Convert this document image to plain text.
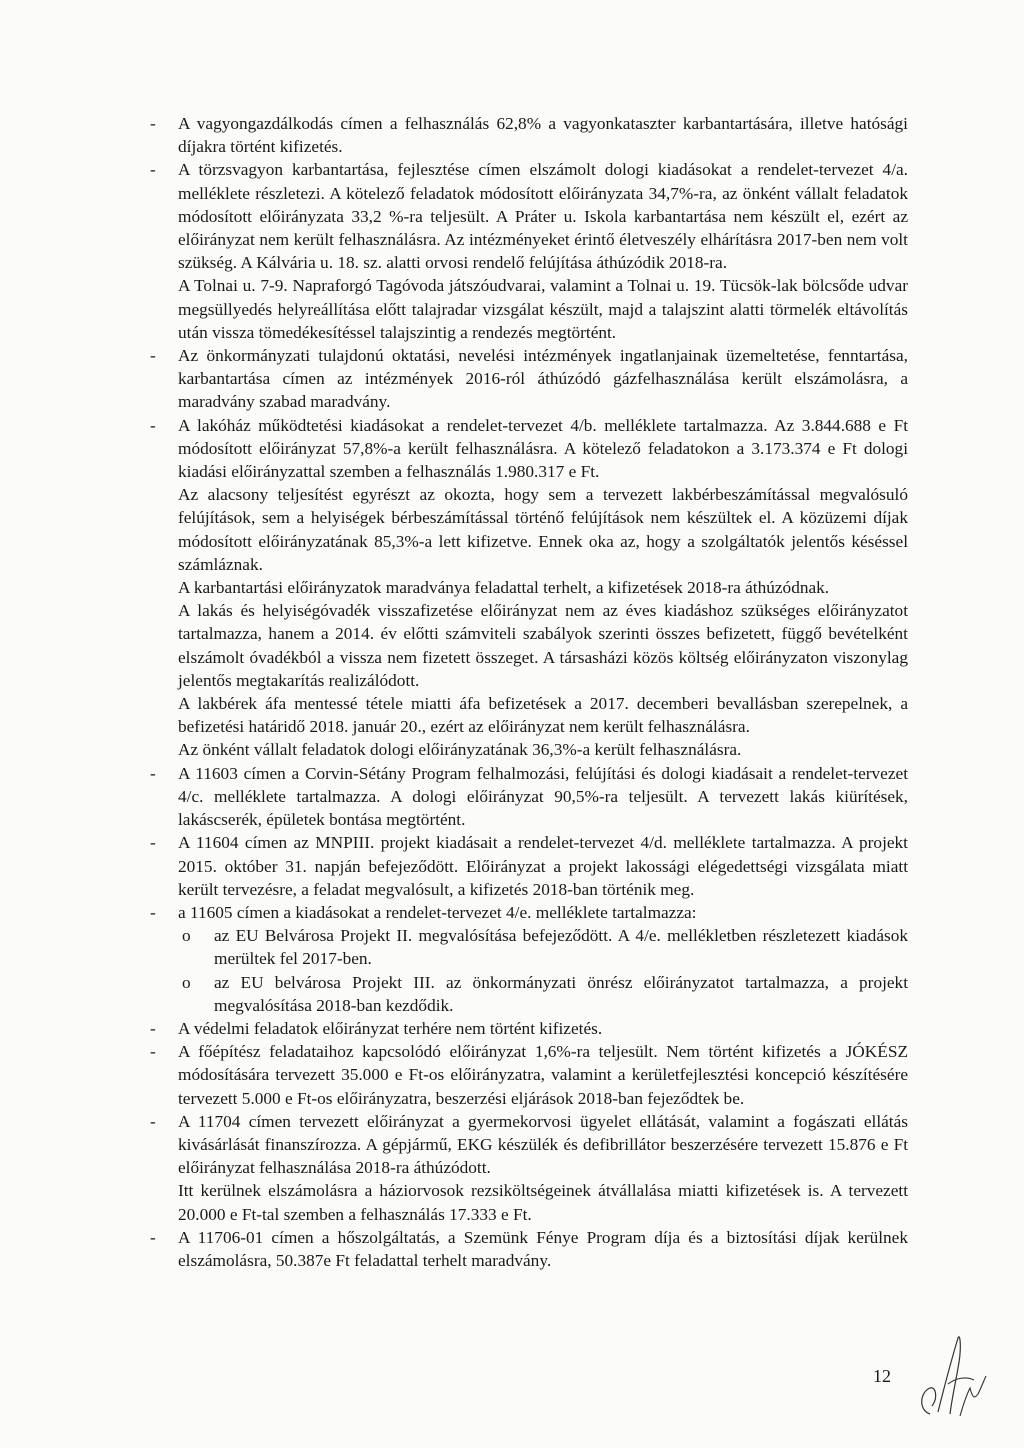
-	A vagyongazdálkodás címen a felhasználás 62,8% a vagyonkataszter karbantartására, illetve hatósági díjakra történt kifizetés.

-	A törzsvagyon karbantartása, fejlesztése címen elszámolt dologi kiadásokat a rendelet-tervezet 4/a. melléklete részletezi. A kötelező feladatok módosított előirányzata 34,7%-ra, az önként vállalt feladatok módosított előirányzata 33,2 %-ra teljesült. A Práter u. Iskola karbantartása nem készült el, ezért az előirányzat nem került felhasználásra. Az intézményeket érintő életveszély elhárításra 2017-ben nem volt szükség. A Kálvária u. 18. sz. alatti orvosi rendelő felújítása áthúzódik 2018-ra.

A Tolnai u. 7-9. Napraforgó Tagóvoda játszóudvarai, valamint a Tolnai u. 19. Tücsök-lak bölcsőde udvar megsüllyedés helyreállítása előtt talajradar vizsgálat készült, majd a talajszint alatti törmelék eltávolítás után vissza tömedékesítéssel talajszintig a rendezés megtörtént.

-	Az önkormányzati tulajdonú oktatási, nevelési intézmények ingatlanjainak üzemeltetése, fenntartása, karbantartása címen az intézmények 2016-ról áthúzódó gázfelhasználása került elszámolásra, a maradvány szabad maradvány.

-	A lakóház működtetési kiadásokat a rendelet-tervezet 4/b. melléklete tartalmazza. Az 3.844.688 e Ft módosított előirányzat 57,8%-a került felhasználásra. A kötelező feladatokon a 3.173.374 e Ft dologi kiadási előirányzattal szemben a felhasználás 1.980.317 e Ft.

Az alacsony teljesítést egyrészt az okozta, hogy sem a tervezett lakbérbeszámítással megvalósuló felújítások, sem a helyiségek bérbeszámítással történő felújítások nem készültek el. A közüzemi díjak módosított előirányzatának 85,3%-a lett kifizetve. Ennek oka az, hogy a szolgáltatók jelentős késéssel számláznak.

A karbantartási előirányzatok maradványa feladattal terhelt, a kifizetések 2018-ra áthúzódnak.

A lakás és helyiségóvadék visszafizetése előirányzat nem az éves kiadáshoz szükséges előirányzatot tartalmazza, hanem a 2014. év előtti számviteli szabályok szerinti összes befizetett, függő bevételként elszámolt óvadékból a vissza nem fizetett összeget. A társasházi közös költség előirányzaton viszonylag jelentős megtakarítás realizálódott.

A lakbérek áfa mentessé tétele miatti áfa befizetések a 2017. decemberi bevallásban szerepelnek, a befizetési határidő 2018. január 20., ezért az előirányzat nem került felhasználásra.

Az önként vállalt feladatok dologi előirányzatának 36,3%-a került felhasználásra.

-	A 11603 címen a Corvin-Sétány Program felhalmozási, felújítási és dologi kiadásait a rendelet-tervezet 4/c. melléklete tartalmazza. A dologi előirányzat 90,5%-ra teljesült. A tervezett lakás kiürítések, lakáscserék, épületek bontása megtörtént.

-	A 11604 címen az MNPIII. projekt kiadásait a rendelet-tervezet 4/d. melléklete tartalmazza. A projekt 2015. október 31. napján befejeződött. Előirányzat a projekt lakossági elégedettségi vizsgálata miatt került tervezésre, a feladat megvalósult, a kifizetés 2018-ban történik meg.

-	a 11605 címen a kiadásokat a rendelet-tervezet 4/e. melléklete tartalmazza:

o az EU Belvárosa Projekt II. megvalósítása befejeződött. A 4/e. mellékletben részletezett kiadások merültek fel 2017-ben.

o az EU belvárosa Projekt III. az önkormányzati önrész előirányzatot tartalmazza, a projekt megvalósítása 2018-ban kezdődik.

-	A védelmi feladatok előirányzat terhére nem történt kifizetés.

-	A főépítész feladataihoz kapcsolódó előirányzat 1,6%-ra teljesült. Nem történt kifizetés a JÓKÉSZ módosítására tervezett 35.000 e Ft-os előirányzatra, valamint a kerületfejlesztési koncepció készítésére tervezett 5.000 e Ft-os előirányzatra, beszerzési eljárások 2018-ban fejeződtek be.

-	A 11704 címen tervezett előirányzat a gyermekorvosi ügyelet ellátását, valamint a fogászati ellátás kivásárlását finanszírozza. A gépjármű, EKG készülék és defibrillátor beszerzésére tervezett 15.876 e Ft előirányzat felhasználása 2018-ra áthúzódott.

Itt kerülnek elszámolásra a háziorvosok rezsiköltségeinek átvállalása miatti kifizetések is. A tervezett 20.000 e Ft-tal szemben a felhasználás 17.333 e Ft.

-	A 11706-01 címen a hőszolgáltatás, a Szemünk Fénye Program díja és a biztosítási díjak kerülnek elszámolásra, 50.387e Ft feladattal terhelt maradvány.

12
